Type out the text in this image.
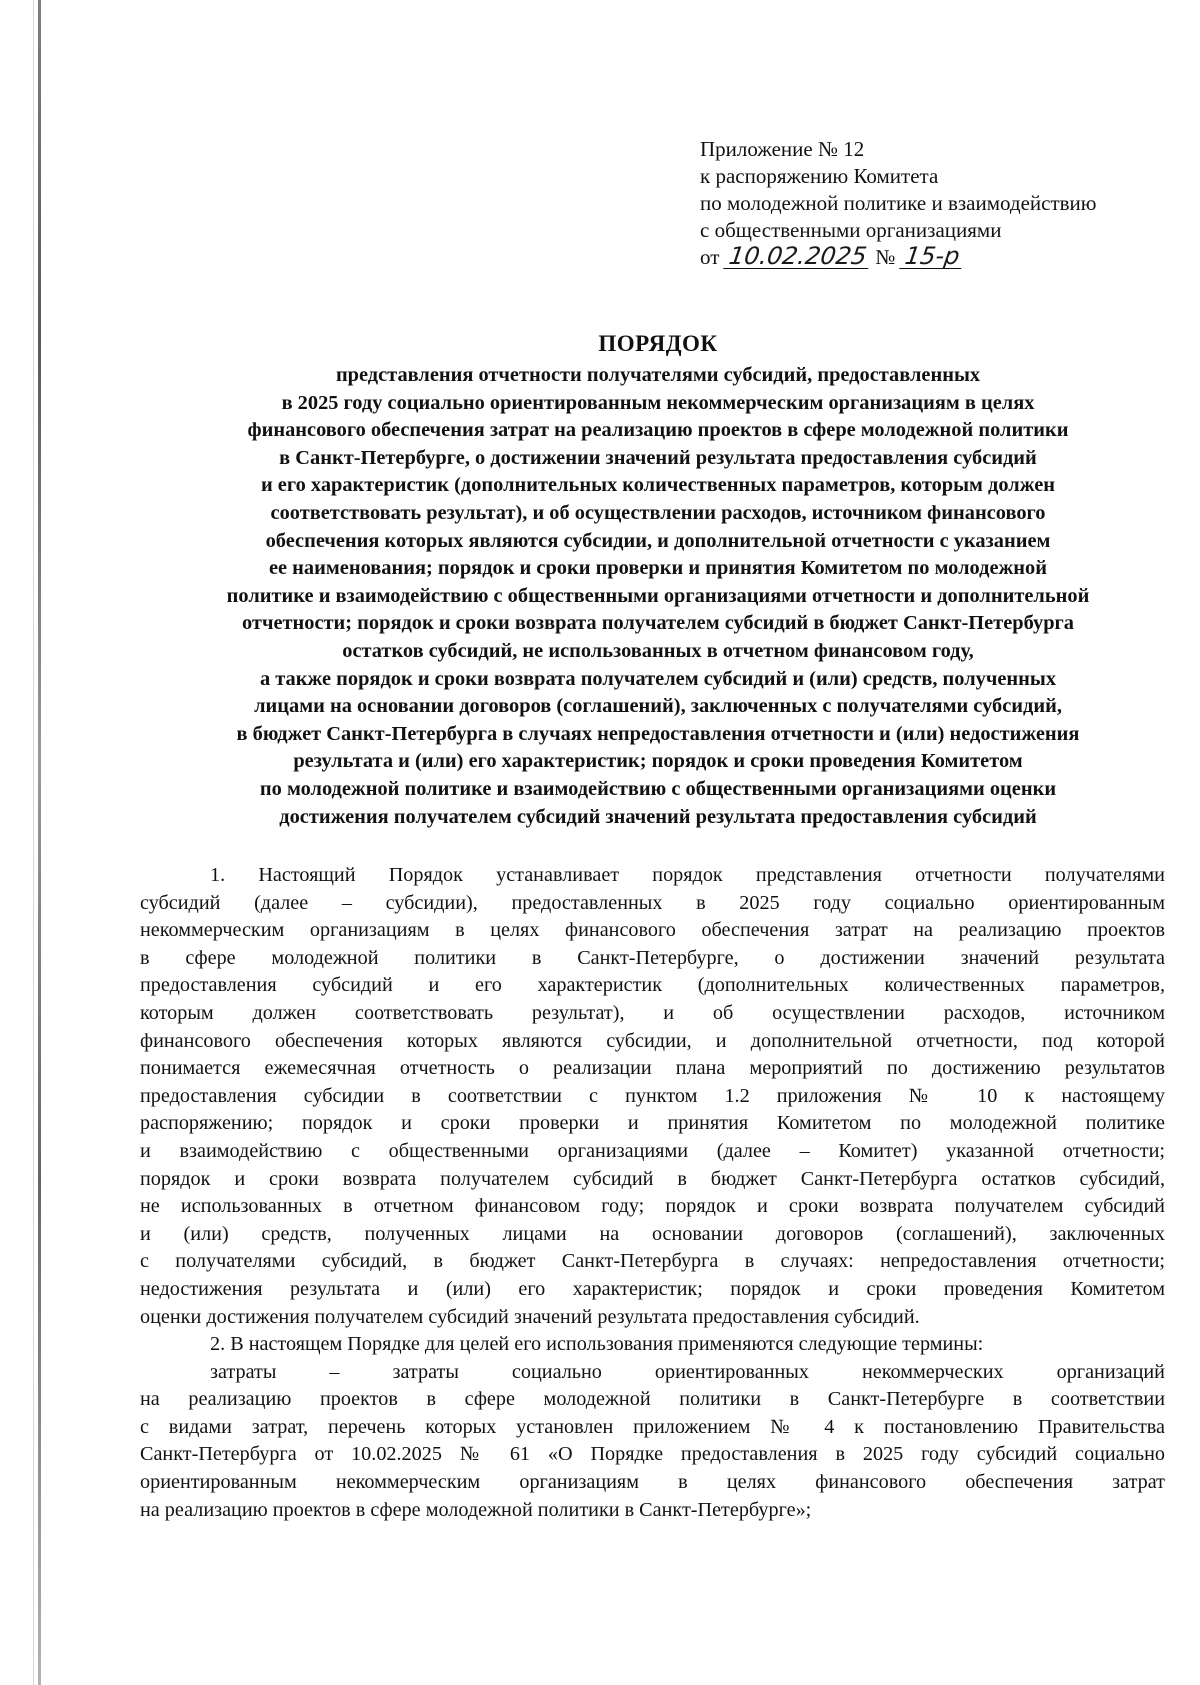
Приложение № 12
к распоряжению Комитета
по молодежной политике и взаимодействию
с общественными организациями
от 10.02.2025 № 15-р
ПОРЯДОК
представления отчетности получателями субсидий, предоставленных
в 2025 году социально ориентированным некоммерческим организациям в целях
финансового обеспечения затрат на реализацию проектов в сфере молодежной политики
в Санкт-Петербурге, о достижении значений результата предоставления субсидий
и его характеристик (дополнительных количественных параметров, которым должен
соответствовать результат), и об осуществлении расходов, источником финансового
обеспечения которых являются субсидии, и дополнительной отчетности с указанием
ее наименования; порядок и сроки проверки и принятия Комитетом по молодежной
политике и взаимодействию с общественными организациями отчетности и дополнительной
отчетности; порядок и сроки возврата получателем субсидий в бюджет Санкт-Петербурга
остатков субсидий, не использованных в отчетном финансовом году,
а также порядок и сроки возврата получателем субсидий и (или) средств, полученных
лицами на основании договоров (соглашений), заключенных с получателями субсидий,
в бюджет Санкт-Петербурга в случаях непредоставления отчетности и (или) недостижения
результата и (или) его характеристик; порядок и сроки проведения Комитетом
по молодежной политике и взаимодействию с общественными организациями оценки
достижения получателем субсидий значений результата предоставления субсидий
1. Настоящий Порядок устанавливает порядок представления отчетности получателями
субсидий (далее – субсидии), предоставленных в 2025 году социально ориентированным
некоммерческим организациям в целях финансового обеспечения затрат на реализацию проектов
в сфере молодежной политики в Санкт-Петербурге, о достижении значений результата
предоставления субсидий и его характеристик (дополнительных количественных параметров,
которым должен соответствовать результат), и об осуществлении расходов, источником
финансового обеспечения которых являются субсидии, и дополнительной отчетности, под которой
понимается ежемесячная отчетность о реализации плана мероприятий по достижению результатов
предоставления субсидии в соответствии с пунктом 1.2 приложения № 10 к настоящему
распоряжению; порядок и сроки проверки и принятия Комитетом по молодежной политике
и взаимодействию с общественными организациями (далее – Комитет) указанной отчетности;
порядок и сроки возврата получателем субсидий в бюджет Санкт-Петербурга остатков субсидий,
не использованных в отчетном финансовом году; порядок и сроки возврата получателем субсидий
и (или) средств, полученных лицами на основании договоров (соглашений), заключенных
с получателями субсидий, в бюджет Санкт-Петербурга в случаях: непредоставления отчетности;
недостижения результата и (или) его характеристик; порядок и сроки проведения Комитетом
оценки достижения получателем субсидий значений результата предоставления субсидий.
2. В настоящем Порядке для целей его использования применяются следующие термины:
затраты – затраты социально ориентированных некоммерческих организаций
на реализацию проектов в сфере молодежной политики в Санкт-Петербурге в соответствии
с видами затрат, перечень которых установлен приложением № 4 к постановлению Правительства
Санкт-Петербурга от 10.02.2025 № 61 «О Порядке предоставления в 2025 году субсидий социально
ориентированным некоммерческим организациям в целях финансового обеспечения затрат
на реализацию проектов в сфере молодежной политики в Санкт-Петербурге»;
